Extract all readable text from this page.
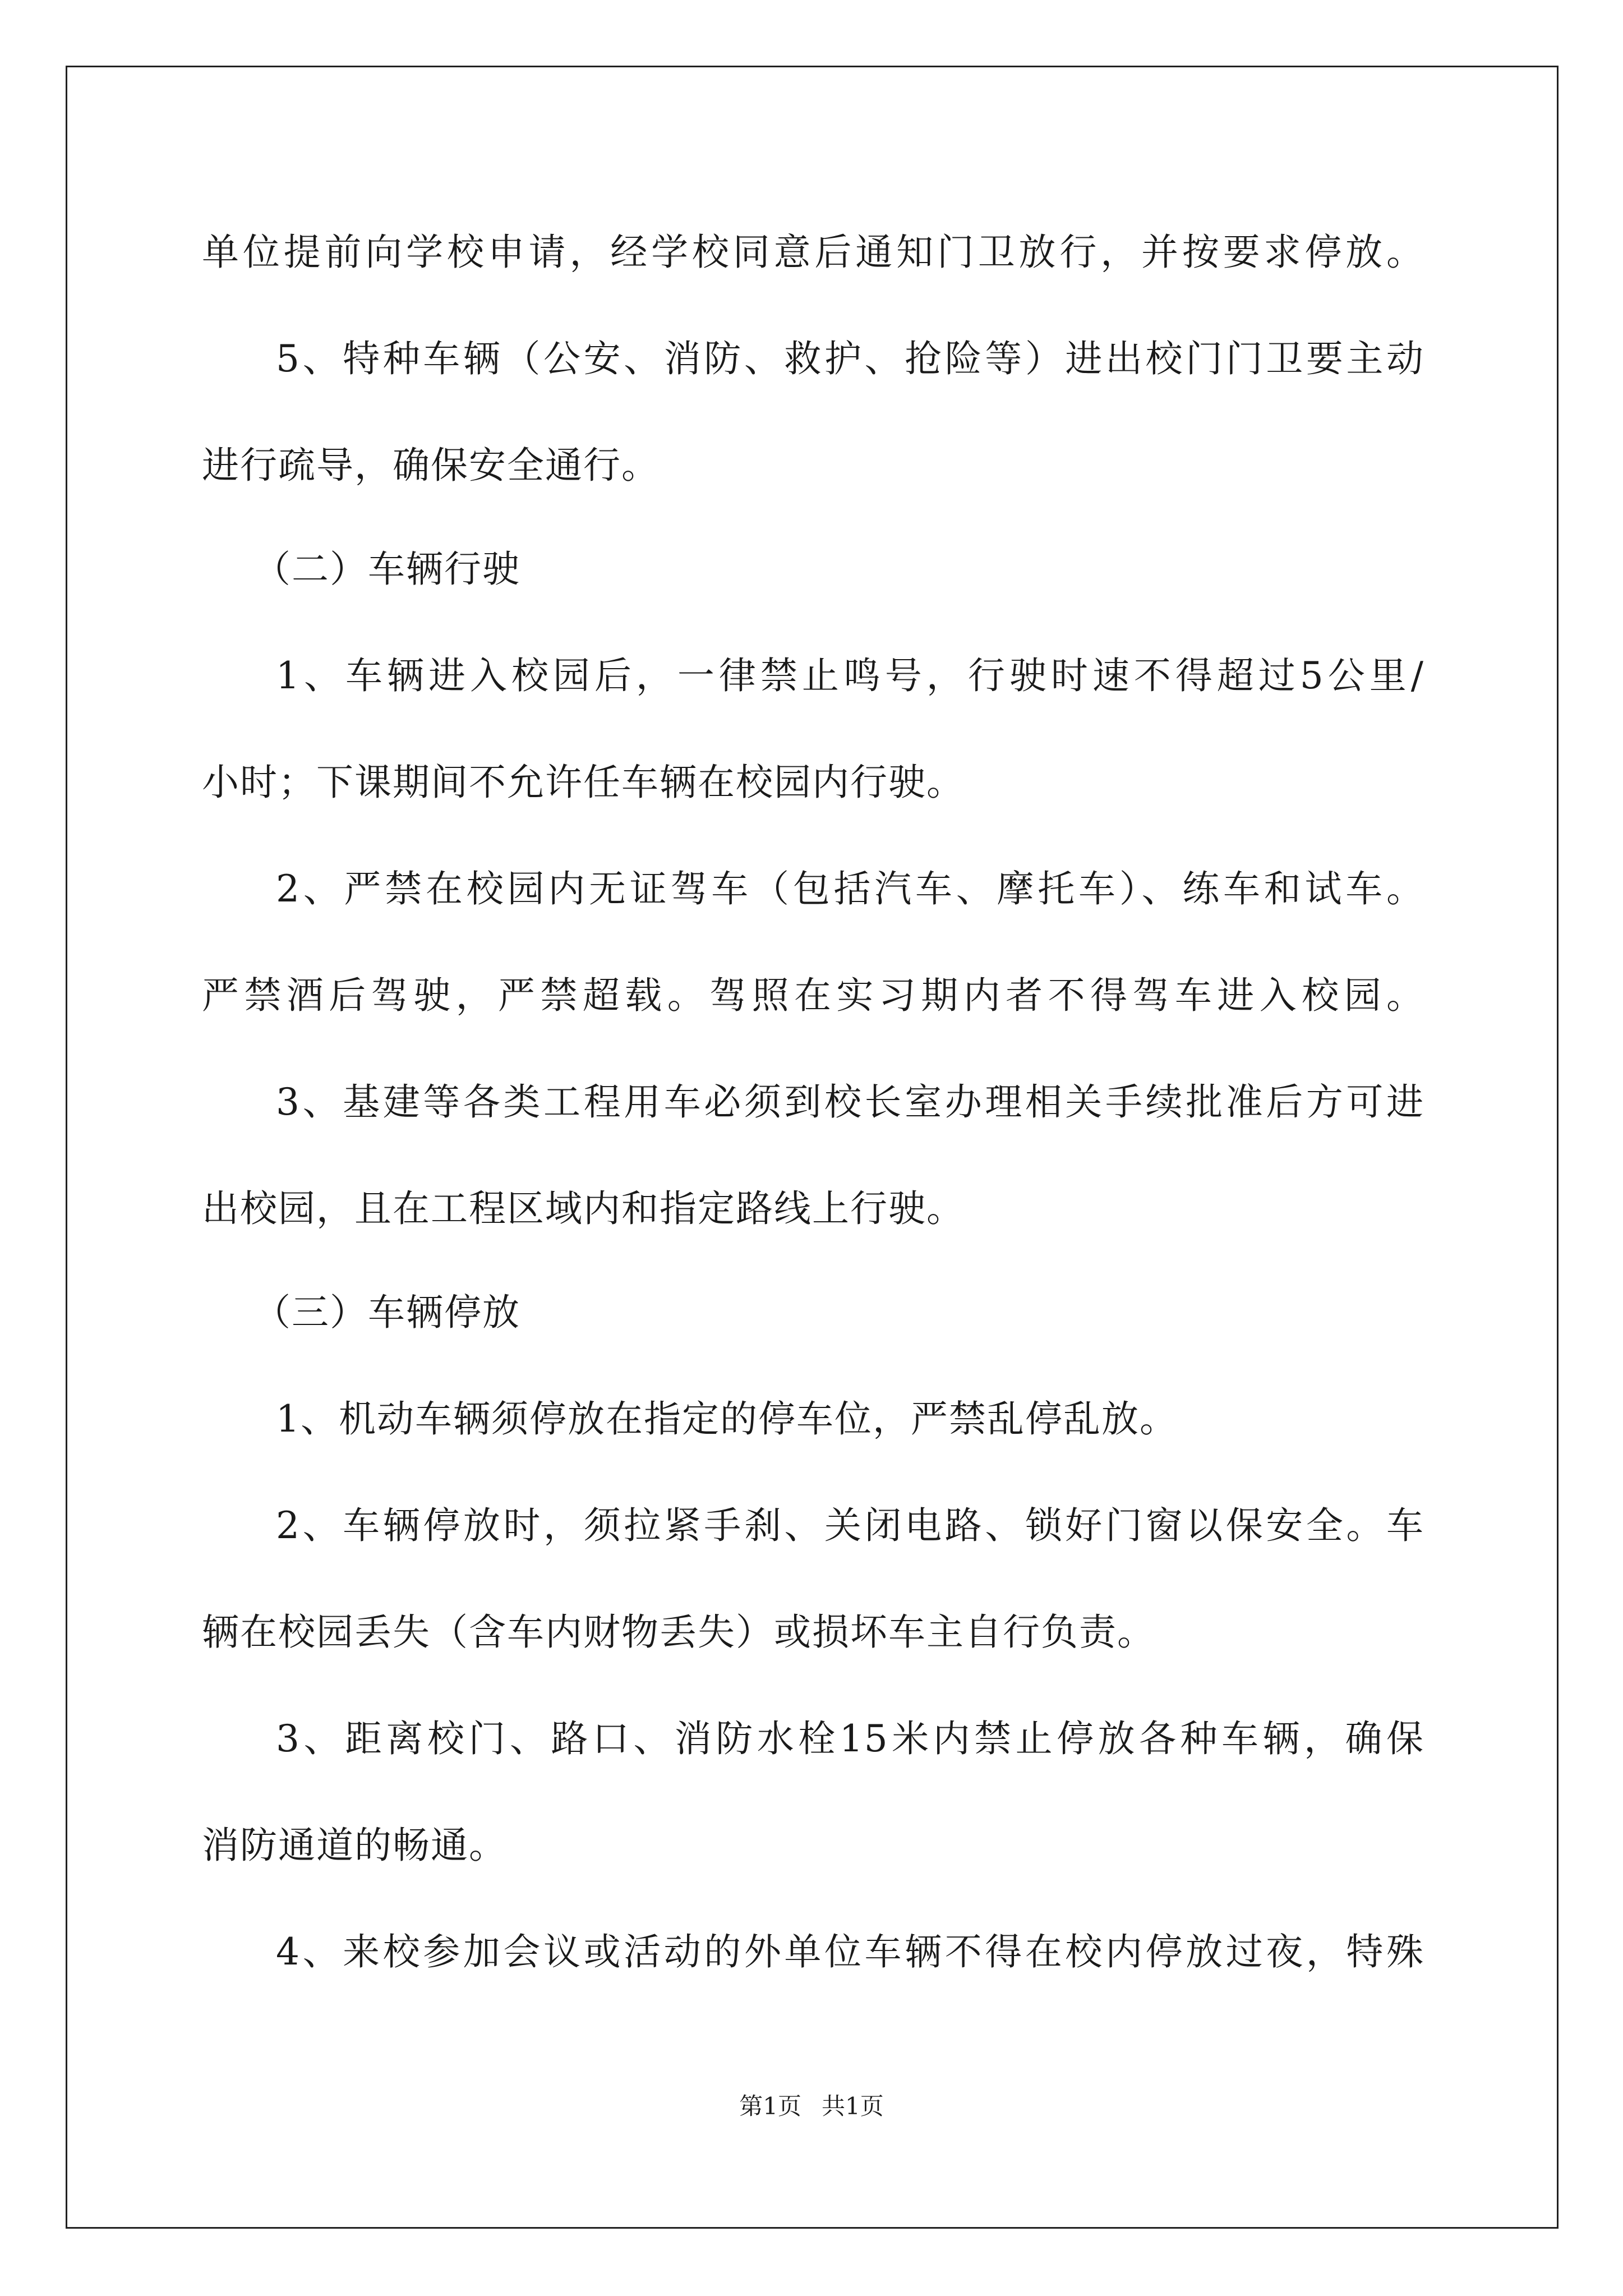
单位提前向学校申请，经学校同意后通知门卫放行，并按要求停放。
5、特种车辆（公安、消防、救护、抢险等）进出校门门卫要主动
进行疏导，确保安全通行。
（二）车辆行驶
1、车辆进入校园后，一律禁止鸣号，行驶时速不得超过5公里/
小时；下课期间不允许任车辆在校园内行驶。
2、严禁在校园内无证驾车（包括汽车、摩托车）、练车和试车。
严禁酒后驾驶，严禁超载。驾照在实习期内者不得驾车进入校园。
3、基建等各类工程用车必须到校长室办理相关手续批准后方可进
出校园，且在工程区域内和指定路线上行驶。
（三）车辆停放
1、机动车辆须停放在指定的停车位，严禁乱停乱放。
2、车辆停放时，须拉紧手刹、关闭电路、锁好门窗以保安全。车
辆在校园丢失（含车内财物丢失）或损坏车主自行负责。
3、距离校门、路口、消防水栓15米内禁止停放各种车辆，确保
消防通道的畅通。
4、来校参加会议或活动的外单位车辆不得在校内停放过夜，特殊
第1页 共1页
